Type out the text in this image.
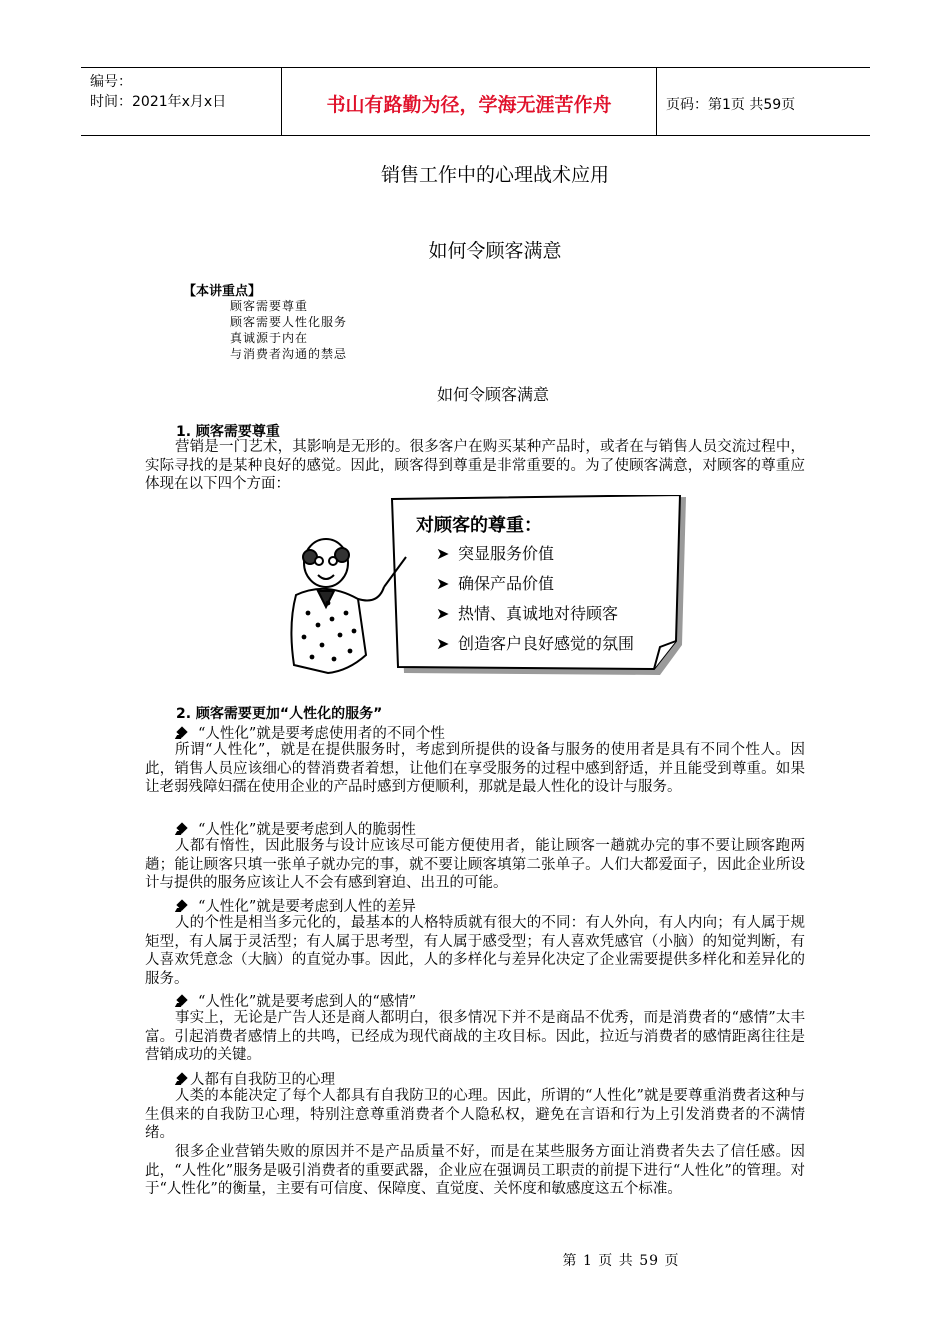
编号：
时间：2021年x月x日	书山有路勤为径，学海无涯苦作舟	页码：第1页 共59页
销售工作中的心理战术应用
如何令顾客满意
【本讲重点】
顾客需要尊重
顾客需要人性化服务
真诚源于内在
与消费者沟通的禁忌
如何令顾客满意
1. 顾客需要尊重

营销是一门艺术，其影响是无形的。很多客户在购买某种产品时，或者在与销售人员交流过程中，实际寻找的是某种良好的感觉。因此，顾客得到尊重是非常重要的。为了使顾客满意，对顾客的尊重应体现在以下四个方面：

对顾客的尊重：
➤ 突显服务价值
➤ 确保产品价值
➤ 热情、真诚地对待顾客
➤ 创造客户良好感觉的氛围
2. 顾客需要更加“人性化的服务”
“人性化”就是要考虑使用者的不同个性

所谓“人性化”，就是在提供服务时，考虑到所提供的设备与服务的使用者是具有不同个性人。因此，销售人员应该细心的替消费者着想，让他们在享受服务的过程中感到舒适，并且能受到尊重。如果让老弱残障妇孺在使用企业的产品时感到方便顺利，那就是最人性化的设计与服务。

“人性化”就是要考虑到人的脆弱性

人都有惰性，因此服务与设计应该尽可能方便使用者，能让顾客一趟就办完的事不要让顾客跑两趟；能让顾客只填一张单子就办完的事，就不要让顾客填第二张单子。人们大都爱面子，因此企业所设计与提供的服务应该让人不会有感到窘迫、出丑的可能。

“人性化”就是要考虑到人性的差异

人的个性是相当多元化的，最基本的人格特质就有很大的不同：有人外向，有人内向；有人属于规矩型，有人属于灵活型；有人属于思考型，有人属于感受型；有人喜欢凭感官（小脑）的知觉判断，有人喜欢凭意念（大脑）的直觉办事。因此，人的多样化与差异化决定了企业需要提供多样化和差异化的服务。

“人性化”就是要考虑到人的“感情”

事实上，无论是广告人还是商人都明白，很多情况下并不是商品不优秀，而是消费者的“感情”太丰富。引起消费者感情上的共鸣，已经成为现代商战的主攻目标。因此，拉近与消费者的感情距离往往是营销成功的关键。

人都有自我防卫的心理

人类的本能决定了每个人都具有自我防卫的心理。因此，所谓的“人性化”就是要尊重消费者这种与生俱来的自我防卫心理，特别注意尊重消费者个人隐私权，避免在言语和行为上引发消费者的不满情绪。

很多企业营销失败的原因并不是产品质量不好，而是在某些服务方面让消费者失去了信任感。因此，“人性化”服务是吸引消费者的重要武器，企业应在强调员工职责的前提下进行“人性化”的管理。对于“人性化”的衡量，主要有可信度、保障度、直觉度、关怀度和敏感度这五个标准。

第 1 页 共 59 页
